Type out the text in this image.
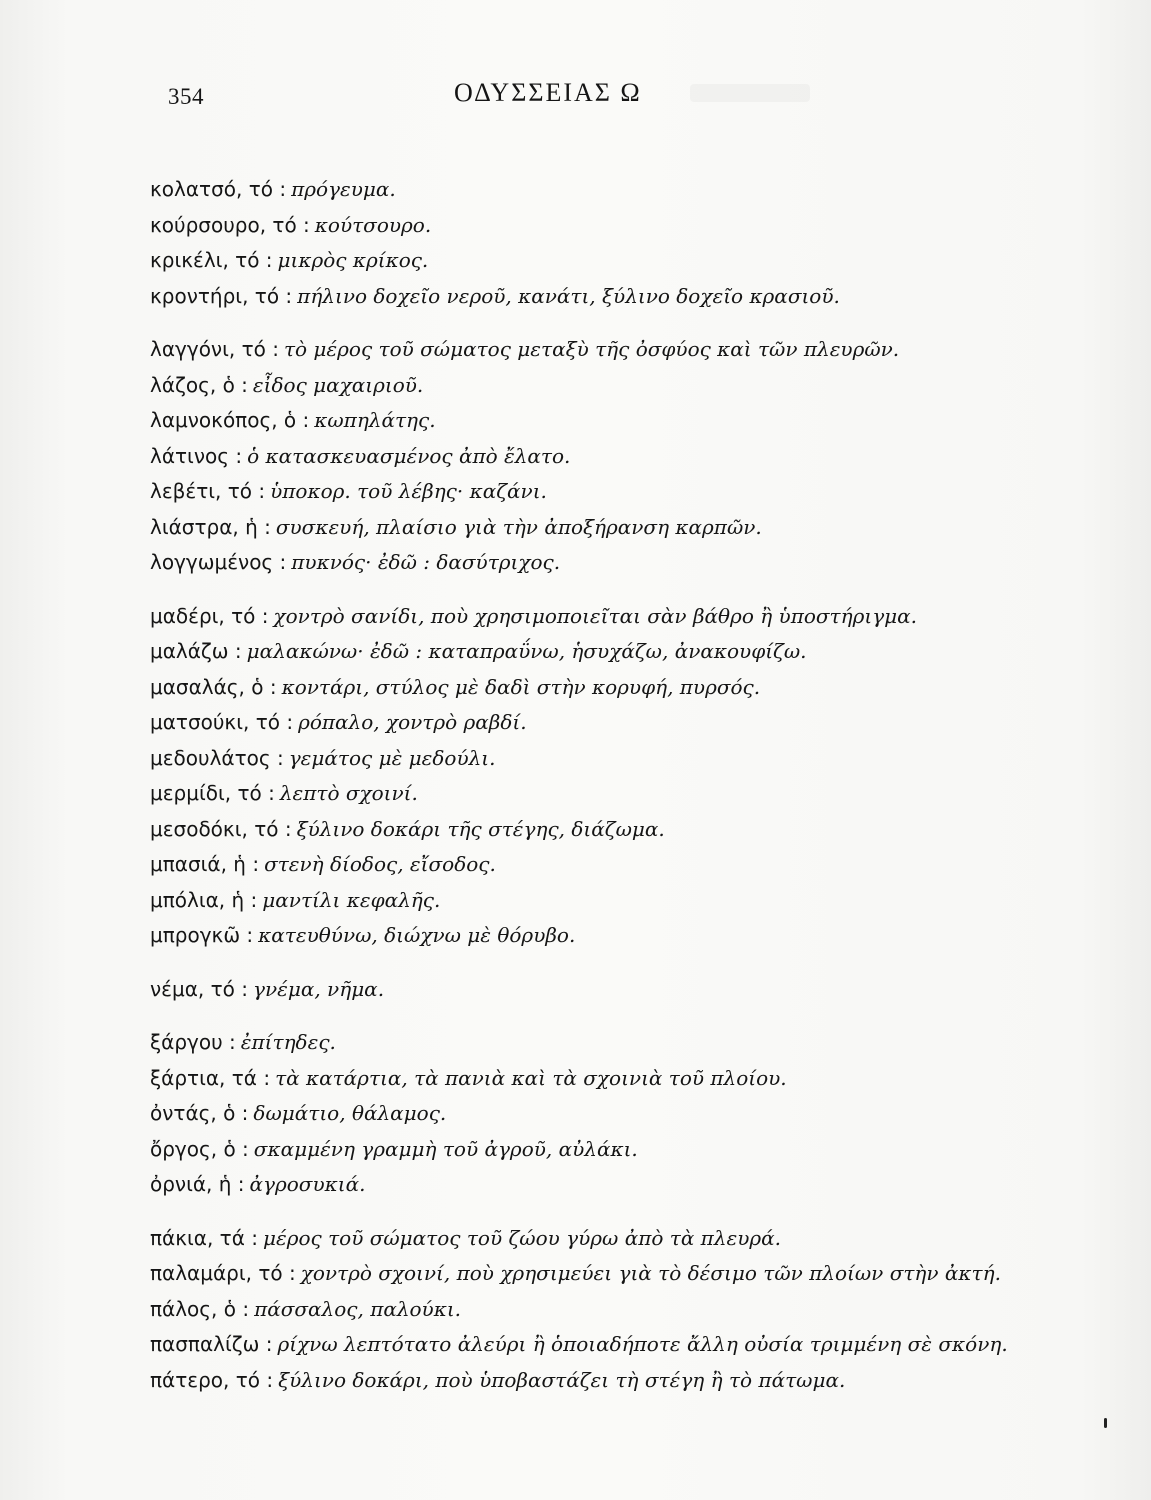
354	ΟΔΥΣΣΕΙΑΣ Ω
κολατσό, τό : πρόγευμα.
κούρσουρο, τό : κούτσουρο.
κρικέλι, τό : μικρὸς κρίκος.
κροντήρι, τό : πήλινο δοχεῖο νεροῦ, κανάτι, ξύλινο δοχεῖο κρασιοῦ.
λαγγόνι, τό : τὸ μέρος τοῦ σώματος μεταξὺ τῆς ὀσφύος καὶ τῶν πλευρῶν.
λάζος, ὁ : εἶδος μαχαιριοῦ.
λαμνοκόπος, ὁ : κωπηλάτης.
λάτινος : ὁ κατασκευασμένος ἀπὸ ἔλατο.
λεβέτι, τό : ὑποκορ. τοῦ λέβης· καζάνι.
λιάστρα, ἡ : συσκευή, πλαίσιο γιὰ τὴν ἀποξήρανση καρπῶν.
λογγωμένος : πυκνός· ἐδῶ : δασύτριχος.
μαδέρι, τό : χοντρὸ σανίδι, ποὺ χρησιμοποιεῖται σὰν βάθρο ἢ ὑποστήριγμα.
μαλάζω : μαλακώνω· ἐδῶ : καταπραΰνω, ἡσυχάζω, ἀνακουφίζω.
μασαλάς, ὁ : κοντάρι, στύλος μὲ δαδὶ στὴν κορυφή, πυρσός.
ματσούκι, τό : ρόπαλο, χοντρὸ ραβδί.
μεδουλάτος : γεμάτος μὲ μεδούλι.
μερμίδι, τό : λεπτὸ σχοινί.
μεσοδόκι, τό : ξύλινο δοκάρι τῆς στέγης, διάζωμα.
μπασιά, ἡ : στενὴ δίοδος, εἴσοδος.
μπόλια, ἡ : μαντίλι κεφαλῆς.
μπρογκῶ : κατευθύνω, διώχνω μὲ θόρυβο.
νέμα, τό : γνέμα, νῆμα.
ξάργου : ἐπίτηδες.
ξάρτια, τά : τὰ κατάρτια, τὰ πανιὰ καὶ τὰ σχοινιὰ τοῦ πλοίου.
ὀντάς, ὁ : δωμάτιο, θάλαμος.
ὄργος, ὁ : σκαμμένη γραμμὴ τοῦ ἀγροῦ, αὐλάκι.
ὀρνιά, ἡ : ἀγροσυκιά.
πάκια, τά : μέρος τοῦ σώματος τοῦ ζώου γύρω ἀπὸ τὰ πλευρά.
παλαμάρι, τό : χοντρὸ σχοινί, ποὺ χρησιμεύει γιὰ τὸ δέσιμο τῶν πλοίων στὴν ἀκτή.
πάλος, ὁ : πάσσαλος, παλούκι.
πασπαλίζω : ρίχνω λεπτότατο ἀλεύρι ἢ ὁποιαδήποτε ἄλλη οὐσία τριμμένη σὲ σκόνη.
πάτερο, τό : ξύλινο δοκάρι, ποὺ ὑποβαστάζει τὴ στέγη ἢ τὸ πάτωμα.
